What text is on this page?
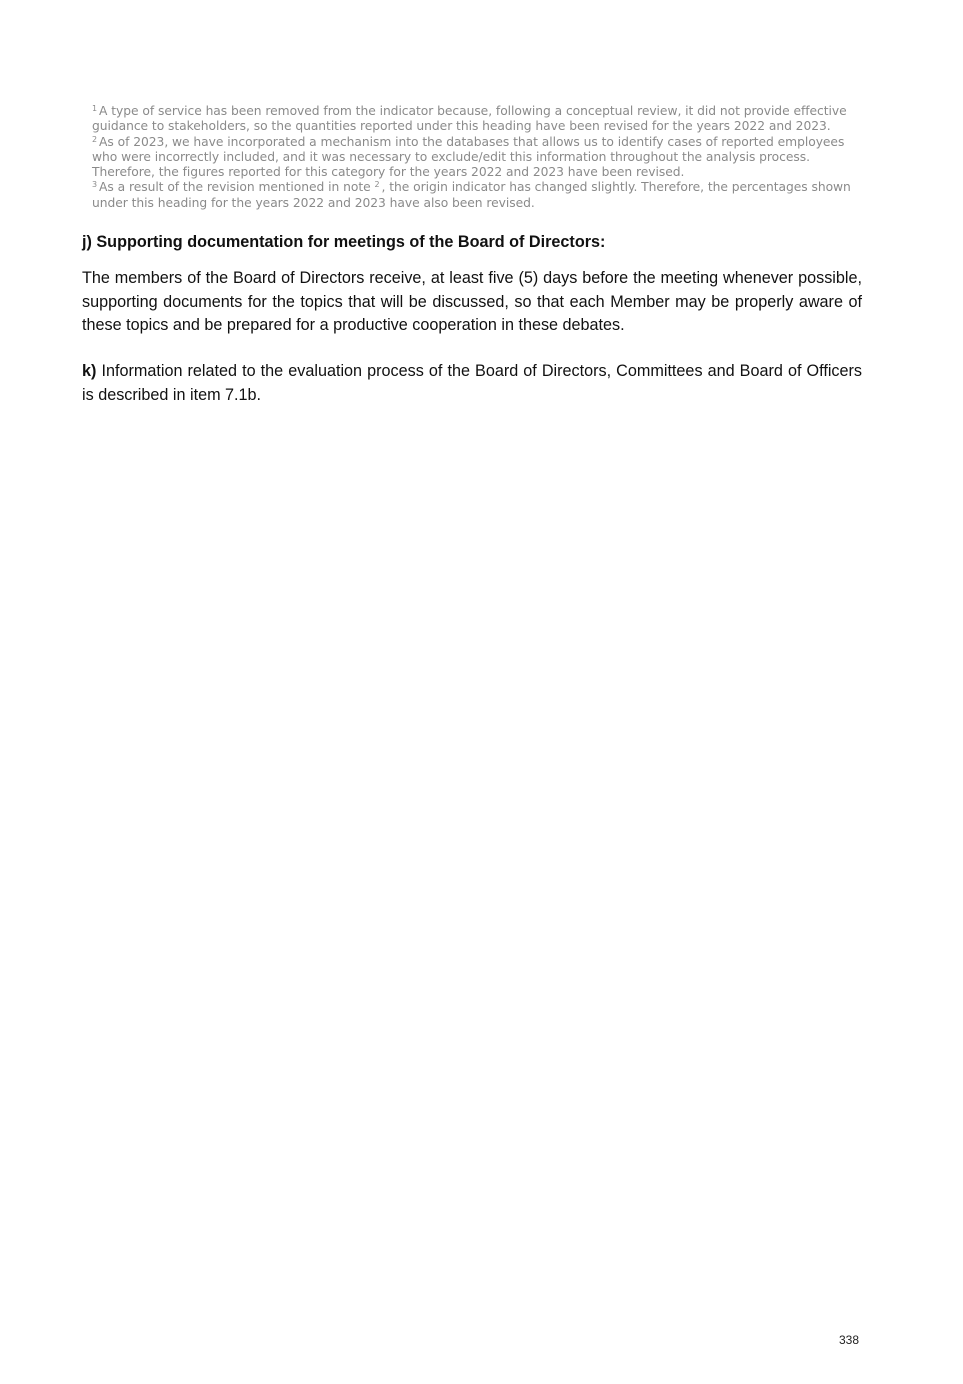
$^1$ A type of service has been removed from the indicator because, following a conceptual review, it did not provide effective guidance to stakeholders, so the quantities reported under this heading have been revised for the years 2022 and 2023.

$^2$ As of 2023, we have incorporated a mechanism into the databases that allows us to identify cases of reported employees who were incorrectly included, and it was necessary to exclude/edit this information throughout the analysis process. Therefore, the figures reported for this category for the years 2022 and 2023 have been revised.

$^3$ As a result of the revision mentioned in note $^2$ , the origin indicator has changed slightly. Therefore, the percentages shown under this heading for the years 2022 and 2023 have also been revised.

j) Supporting documentation for meetings of the Board of Directors:

The members of the Board of Directors receive, at least five (5) days before the meeting whenever possible, supporting documents for the topics that will be discussed, so that each Member may be properly aware of these topics and be prepared for a productive cooperation in these debates.

k) Information related to the evaluation process of the Board of Directors, Committees and Board of Officers is described in item 7.1b.

338
